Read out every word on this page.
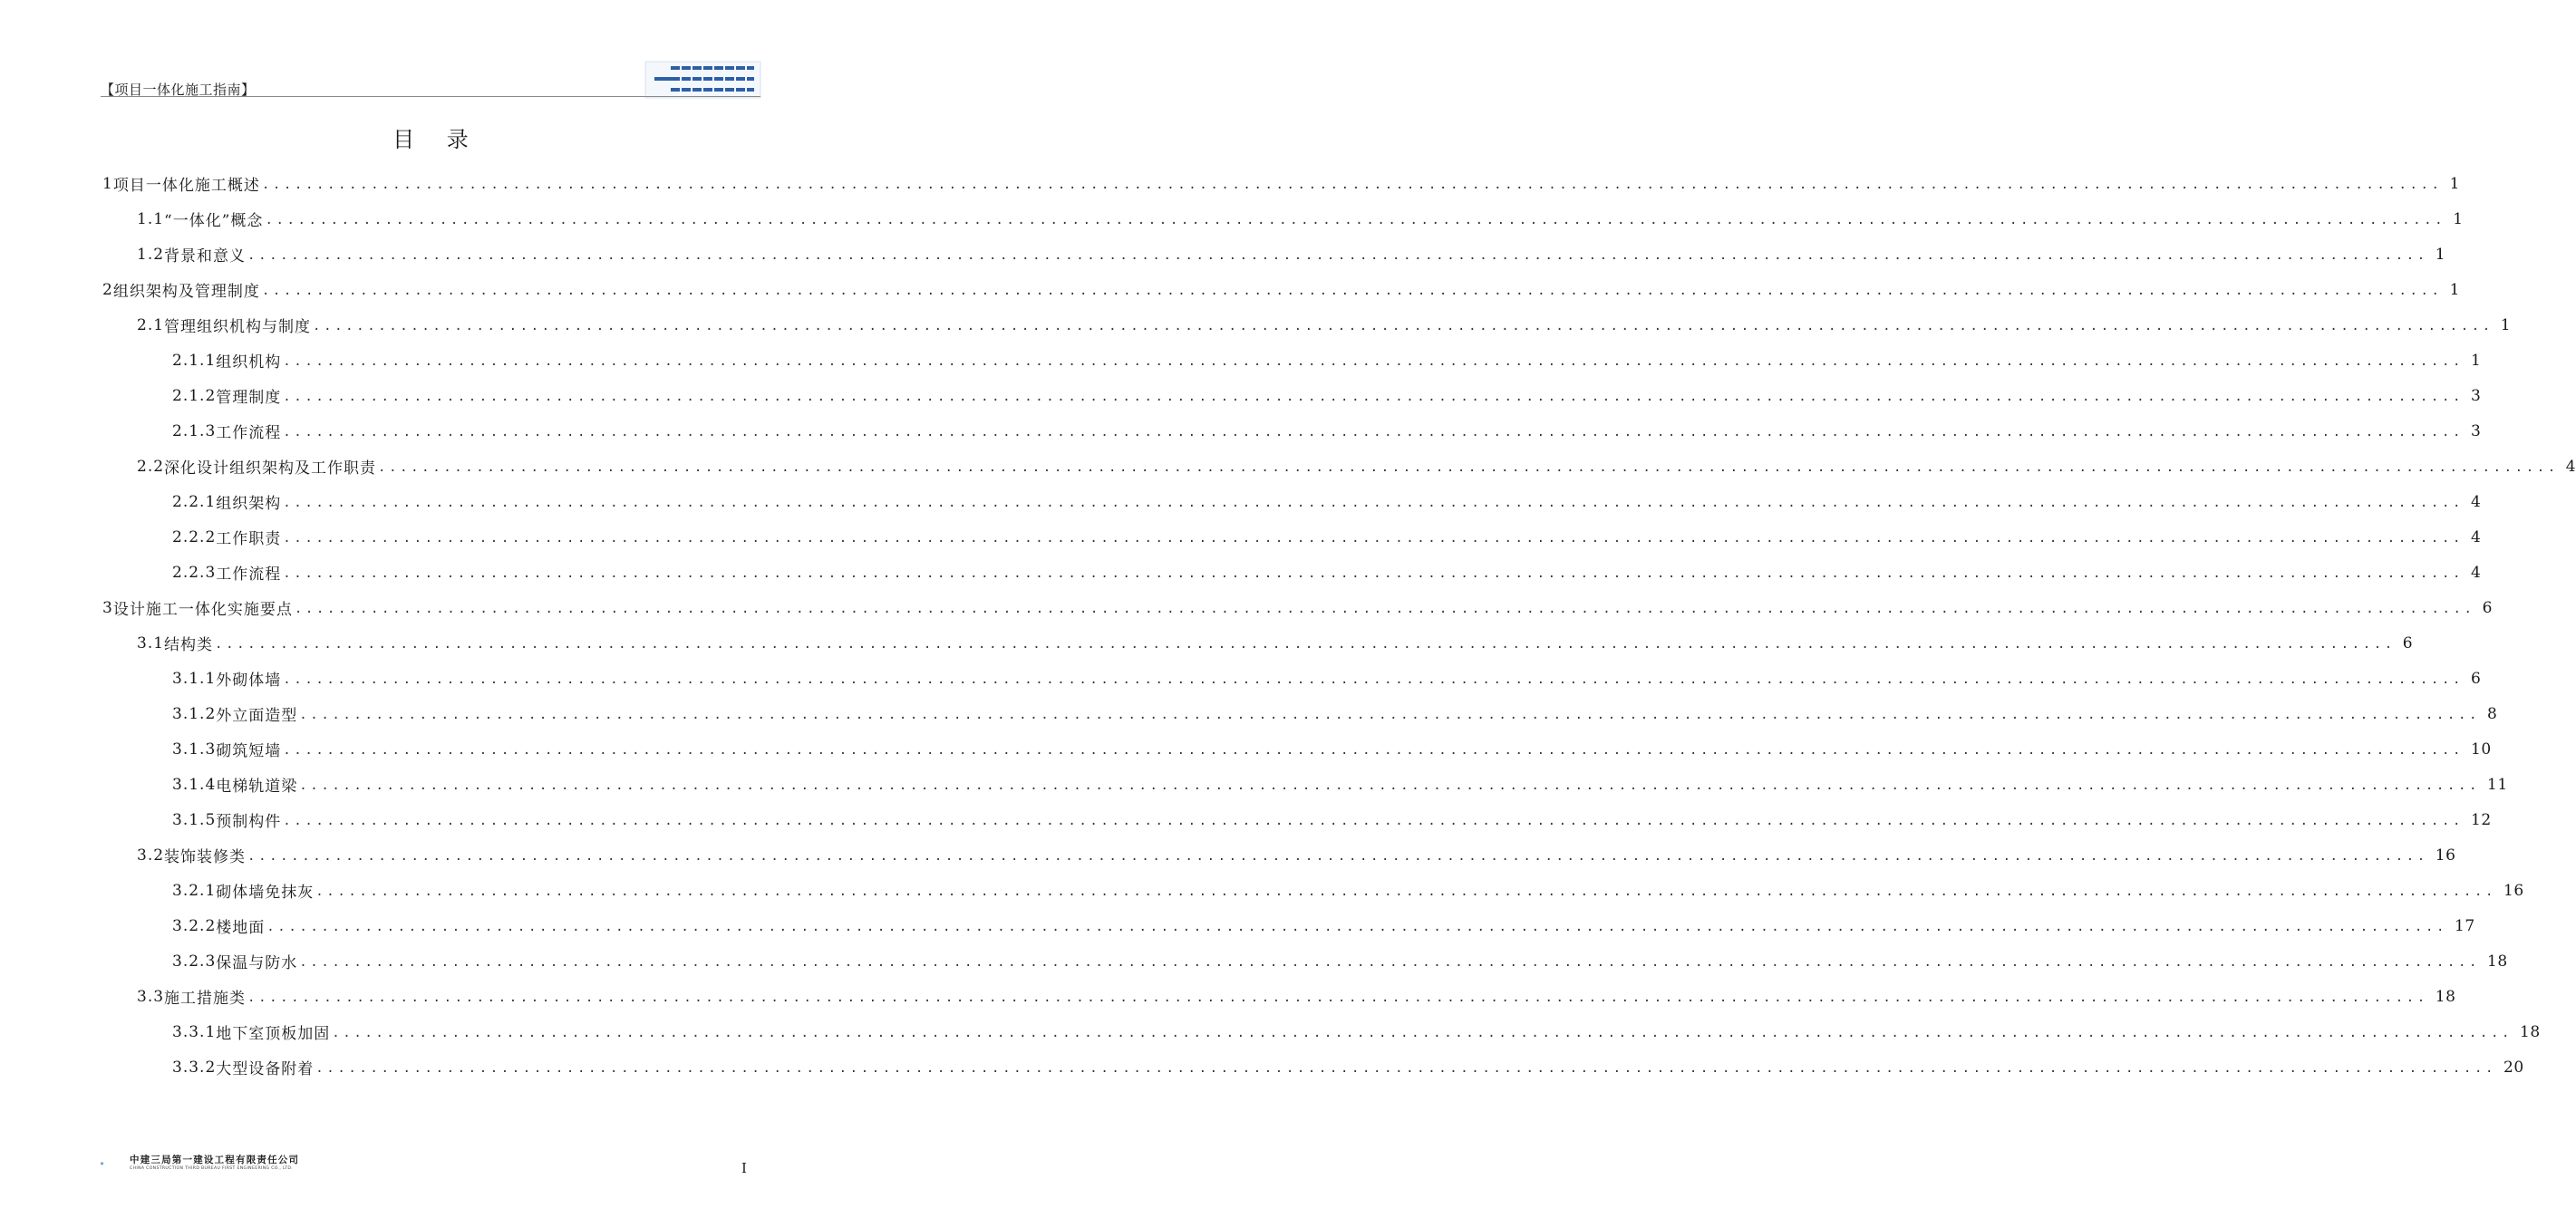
【项目一体化施工指南】
目 录
1 项目一体化施工概述 ........................................................................................................................................................................................................ 1
1.1 “一体化”概念 ........................................................................................................................................................................................................ 1
1.2 背景和意义 ........................................................................................................................................................................................................ 1
2 组织架构及管理制度 ........................................................................................................................................................................................................ 1
2.1 管理组织机构与制度 ........................................................................................................................................................................................................ 1
2.1.1 组织机构 ........................................................................................................................................................................................................ 1
2.1.2 管理制度 ........................................................................................................................................................................................................ 3
2.1.3 工作流程 ........................................................................................................................................................................................................ 3
2.2 深化设计组织架构及工作职责 ........................................................................................................................................................................................................ 4
2.2.1 组织架构 ........................................................................................................................................................................................................ 4
2.2.2 工作职责 ........................................................................................................................................................................................................ 4
2.2.3 工作流程 ........................................................................................................................................................................................................ 4
3 设计施工一体化实施要点 ........................................................................................................................................................................................................ 6
3.1 结构类 ........................................................................................................................................................................................................ 6
3.1.1 外砌体墙 ........................................................................................................................................................................................................ 6
3.1.2 外立面造型 ........................................................................................................................................................................................................ 8
3.1.3 砌筑短墙 ........................................................................................................................................................................................................ 10
3.1.4 电梯轨道梁 ........................................................................................................................................................................................................ 11
3.1.5 预制构件 ........................................................................................................................................................................................................ 12
3.2 装饰装修类 ........................................................................................................................................................................................................ 16
3.2.1 砌体墙免抹灰 ........................................................................................................................................................................................................ 16
3.2.2 楼地面 ........................................................................................................................................................................................................ 17
3.2.3 保温与防水 ........................................................................................................................................................................................................ 18
3.3 施工措施类 ........................................................................................................................................................................................................ 18
3.3.1 地下室顶板加固 ........................................................................................................................................................................................................ 18
3.3.2 大型设备附着 ........................................................................................................................................................................................................ 20
中建三局第一建设工程有限责任公司
CHINA CONSTRUCTION THIRD BUREAU FIRST ENGINEERING CO., LTD.	I
